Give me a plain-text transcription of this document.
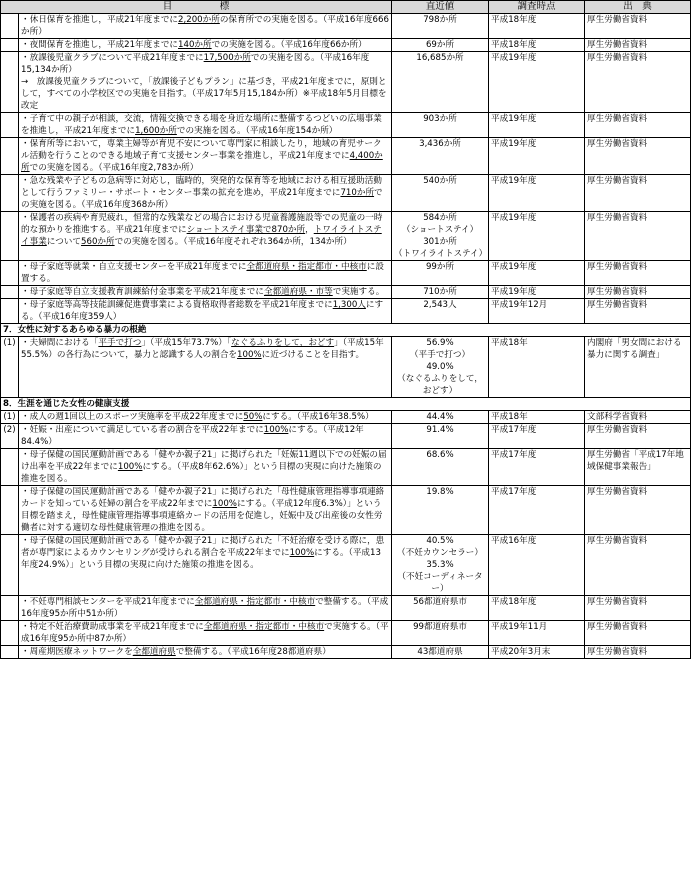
目　　　　　標		直近値	調査時点	出　典
	・休日保育を推進し，平成21年度までに2,200か所の保育所での実施を図る。（平成16年度666か所）	798か所	平成18年度	厚生労働省資料
	・夜間保育を推進し，平成21年度までに140か所での実施を図る。（平成16年度66か所）	69か所	平成18年度	厚生労働省資料
	・放課後児童クラブについて平成21年度までに17,500か所での実施を図る。（平成16年度15,134か所）
→　放課後児童クラブについて，「放課後子どもプラン」に基づき，平成21年度までに，原則として，すべての小学校区での実施を目指す。（平成17年5月15,184か所）※平成18年5月目標を改定	16,685か所	平成19年度	厚生労働省資料
	・子育て中の親子が相談，交流，情報交換できる場を身近な場所に整備するつどいの広場事業を推進し，平成21年度までに1,600か所での実施を図る。（平成16年度154か所）	903か所	平成19年度	厚生労働省資料
	・保育所等において，専業主婦等が育児不安について専門家に相談したり，地域の育児サークル活動を行うことのできる地域子育て支援センター事業を推進し，平成21年度までに4,400か所での実施を図る。（平成16年度2,783か所）	3,436か所	平成19年度	厚生労働省資料
	・急な残業や子どもの急病等に対応し，臨時的，突発的な保育等を地域における相互援助活動として行うファミリー・サポート・センター事業の拡充を進め，平成21年度までに710か所での実施を図る。（平成16年度368か所）	540か所	平成19年度	厚生労働省資料
	・保護者の疾病や育児疲れ，恒常的な残業などの場合における児童養護施設等での児童の一時的な預かりを推進する。平成21年度までにショートステイ事業で870か所，トワイライトステイ事業について560か所での実施を図る。（平成16年度それぞれ364か所，134か所）	584か所
（ショートステイ）
301か所
（トワイライトステイ）	平成19年度	厚生労働省資料
	・母子家庭等就業・自立支援センターを平成21年度までに全都道府県・指定都市・中核市に設置する。	99か所	平成19年度	厚生労働省資料
	・母子家庭等自立支援教育訓練給付金事業を平成21年度までに全都道府県・市等で実施する。	710か所	平成19年度	厚生労働省資料
	・母子家庭等高等技能訓練促進費事業による資格取得者総数を平成21年度までに1,300人にする。（平成16年度359人）	2,543人	平成19年12月	厚生労働省資料
7．女性に対するあらゆる暴力の根絶				
(1)	・夫婦間における「平手で打つ」（平成15年73.7%）「なぐるふりをして，おどす」（平成15年55.5%）の各行為について，暴力と認識する人の割合を100%に近づけることを目指す。	56.9%
（平手で打つ）
49.0%
（なぐるふりをして，おどす）	平成18年	内閣府「男女間における暴力に関する調査」
8．生涯を通じた女性の健康支援				
(1)	・成人の週1回以上のスポーツ実施率を平成22年度までに50%にする。（平成16年38.5%）	44.4%	平成18年	文部科学省資料
(2)	・妊娠・出産について満足している者の割合を平成22年までに100%にする。（平成12年84.4%）	91.4%	平成17年度	厚生労働省資料
	・母子保健の国民運動計画である「健やか親子21」に掲げられた「妊娠11週以下での妊娠の届け出率を平成22年までに100%にする。（平成8年62.6%）」という目標の実現に向けた施策の推進を図る。	68.6%	平成17年度	厚生労働省「平成17年地域保健事業報告」
	・母子保健の国民運動計画である「健やか親子21」に掲げられた「母性健康管理指導事項連絡カードを知っている妊婦の割合を平成22年までに100%にする。（平成12年度6.3%）」という目標を踏まえ，母性健康管理指導事項連絡カードの活用を促進し，妊娠中及び出産後の女性労働者に対する適切な母性健康管理の推進を図る。	19.8%	平成17年度	厚生労働省資料
	・母子保健の国民運動計画である「健やか親子21」に掲げられた「不妊治療を受ける際に，患者が専門家によるカウンセリングが受けられる割合を平成22年までに100%にする。（平成13年度24.9%）」という目標の実現に向けた施策の推進を図る。	40.5%
（不妊カウンセラー）
35.3%
（不妊コーディネーター）	平成16年度	厚生労働省資料
	・不妊専門相談センターを平成21年度までに全都道府県・指定都市・中核市で整備する。（平成16年度95か所中51か所）	56都道府県市	平成18年度	厚生労働省資料
	・特定不妊治療費助成事業を平成21年度までに全都道府県・指定都市・中核市で実施する。（平成16年度95か所中87か所）	99都道府県市	平成19年11月	厚生労働省資料
	・周産期医療ネットワークを全都道府県で整備する。（平成16年度28都道府県）	43都道府県	平成20年3月末	厚生労働省資料
